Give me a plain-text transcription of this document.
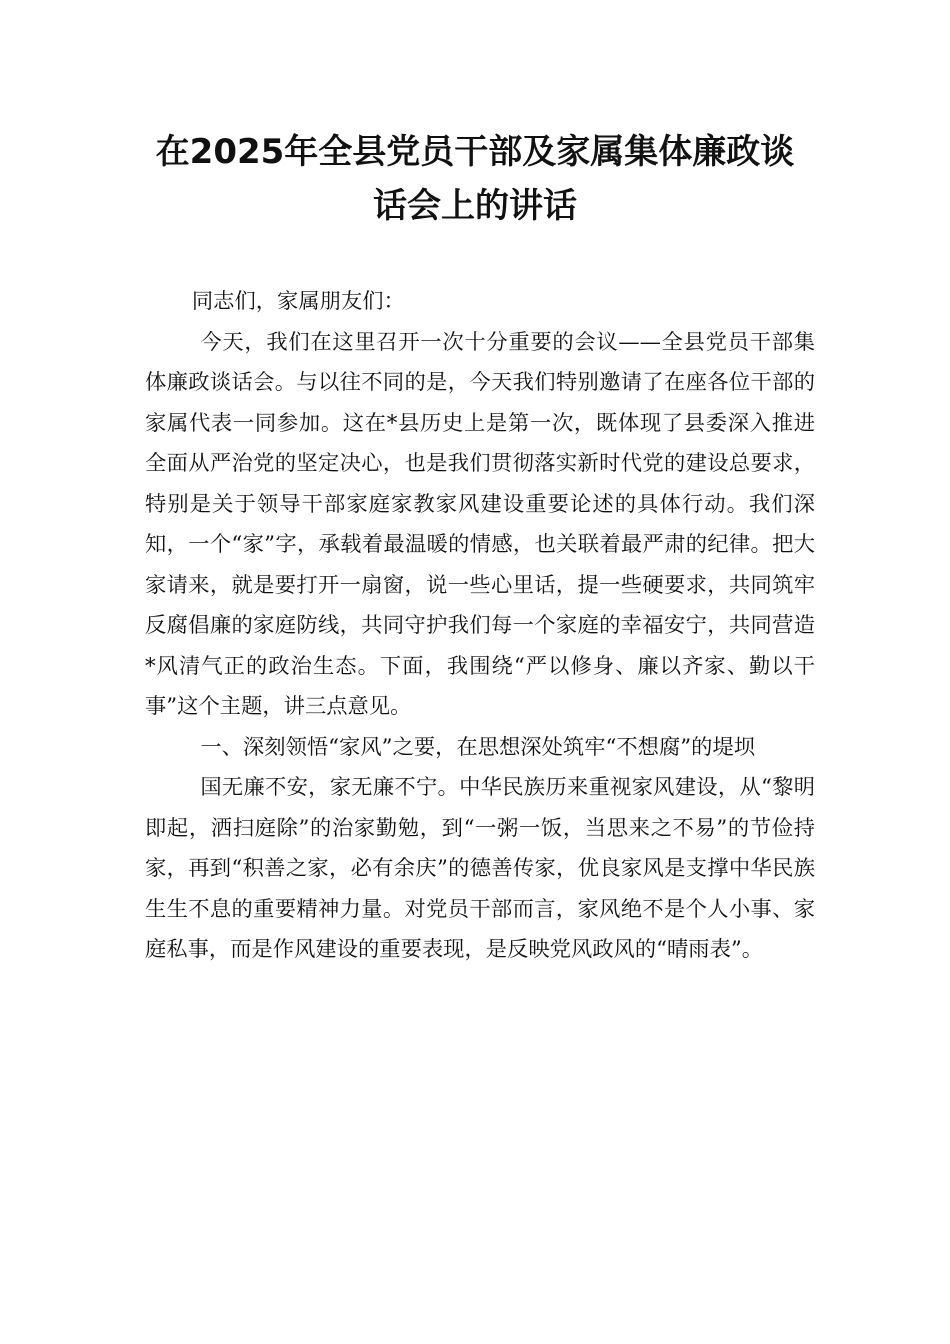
在2025年全县党员干部及家属集体廉政谈话会上的讲话

同志们，家属朋友们：

今天，我们在这里召开一次十分重要的会议——全县党员干部集体廉政谈话会。与以往不同的是，今天我们特别邀请了在座各位干部的家属代表一同参加。这在*县历史上是第一次，既体现了县委深入推进全面从严治党的坚定决心，也是我们贯彻落实新时代党的建设总要求，特别是关于领导干部家庭家教家风建设重要论述的具体行动。我们深知，一个“家”字，承载着最温暖的情感，也关联着最严肃的纪律。把大家请来，就是要打开一扇窗，说一些心里话，提一些硬要求，共同筑牢反腐倡廉的家庭防线，共同守护我们每一个家庭的幸福安宁，共同营造*风清气正的政治生态。下面，我围绕“严以修身、廉以齐家、勤以干事”这个主题，讲三点意见。

一、深刻领悟“家风”之要，在思想深处筑牢“不想腐”的堤坝

国无廉不安，家无廉不宁。中华民族历来重视家风建设，从“黎明即起，洒扫庭除”的治家勤勉，到“一粥一饭，当思来之不易”的节俭持家，再到“积善之家，必有余庆”的德善传家，优良家风是支撑中华民族生生不息的重要精神力量。对党员干部而言，家风绝不是个人小事、家庭私事，而是作风建设的重要表现，是反映党风政风的“晴雨表”。
